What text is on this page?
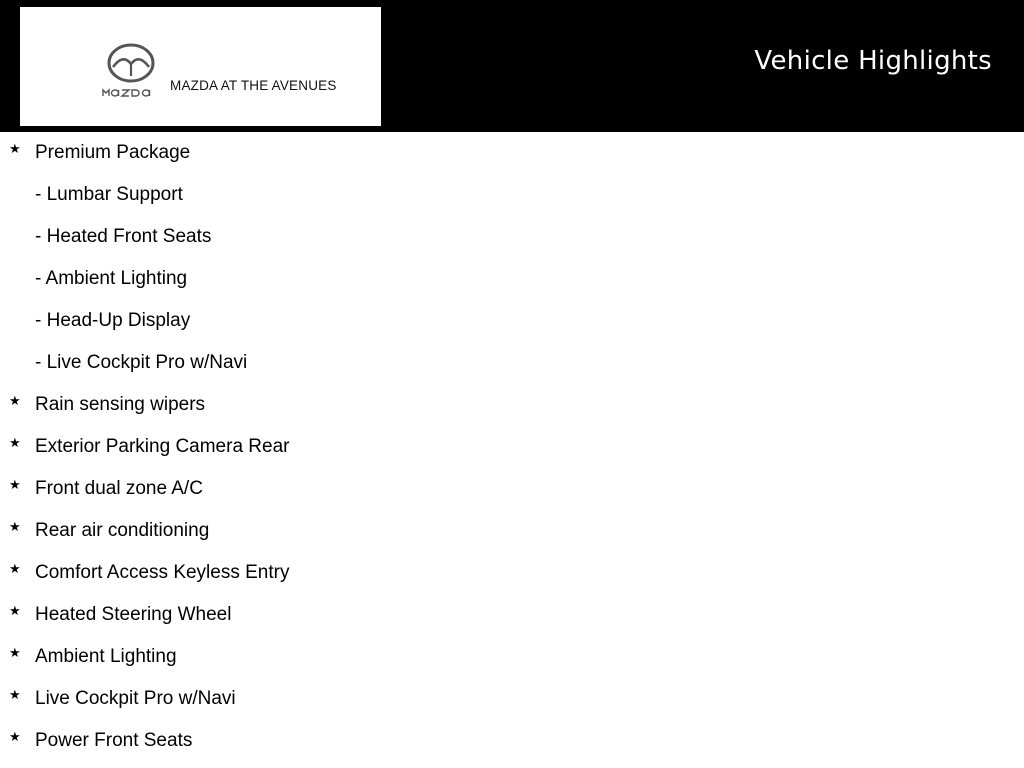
MAZDA AT THE AVENUES
Vehicle Highlights
★ Premium Package
- Lumbar Support
- Heated Front Seats
- Ambient Lighting
- Head-Up Display
- Live Cockpit Pro w/Navi
★ Rain sensing wipers
★ Exterior Parking Camera Rear
★ Front dual zone A/C
★ Rear air conditioning
★ Comfort Access Keyless Entry
★ Heated Steering Wheel
★ Ambient Lighting
★ Live Cockpit Pro w/Navi
★ Power Front Seats
